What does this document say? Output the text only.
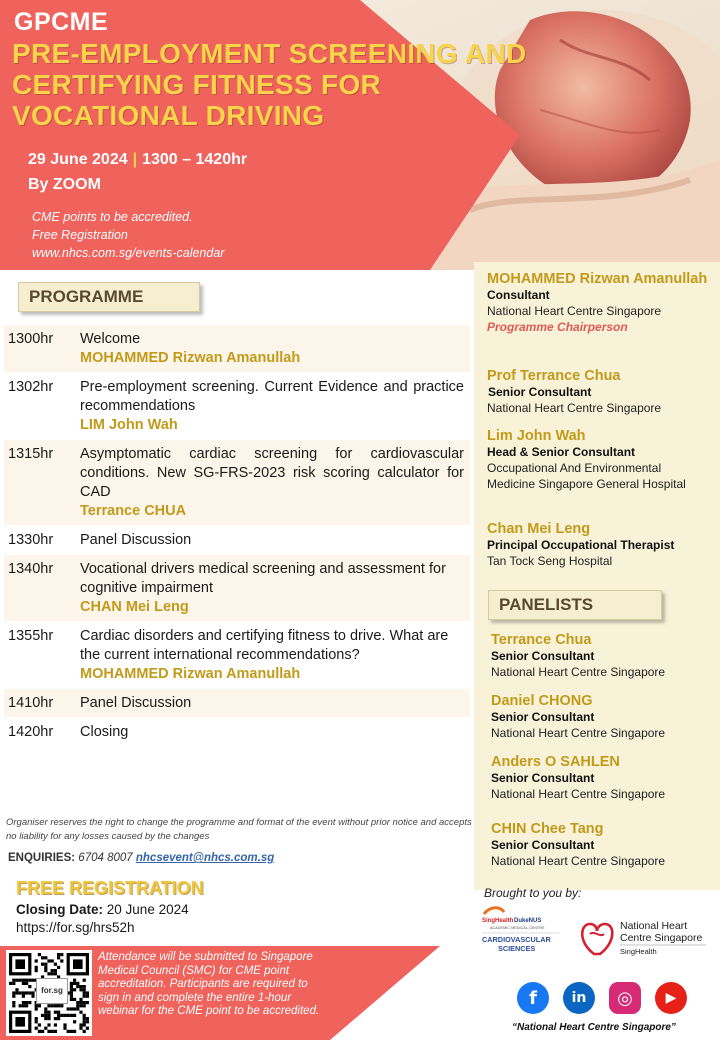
GPCME
PRE-EMPLOYMENT SCREENING AND
CERTIFYING FITNESS FOR
VOCATIONAL DRIVING
29 June 2024 | 1300 – 1420hr
By ZOOM
CME points to be accredited.
Free Registration
www.nhcs.com.sg/events-calendar
PROGRAMME
1300hr	Welcome
MOHAMMED Rizwan Amanullah
1302hr	Pre-employment screening. Current Evidence and practice recommendations
LIM John Wah
1315hr	Asymptomatic cardiac screening for cardiovascular conditions. New SG-FRS-2023 risk scoring calculator for CAD
Terrance CHUA
1330hr	Panel Discussion
1340hr	Vocational drivers medical screening and assessment for cognitive impairment
CHAN Mei Leng
1355hr	Cardiac disorders and certifying fitness to drive. What are the current international recommendations?
MOHAMMED Rizwan Amanullah
1410hr	Panel Discussion
1420hr	Closing
Organiser reserves the right to change the programme and format of the event without prior notice and accepts no liability for any losses caused by the changes
ENQUIRIES: 6704 8007 nhcsevent@nhcs.com.sg
FREE REGISTRATION
Closing Date: 20 June 2024
https://for.sg/hrs52h
for.sg
Attendance will be submitted to Singapore Medical Council (SMC) for CME point accreditation. Participants are required to sign in and complete the entire 1-hour webinar for the CME point to be accredited.
MOHAMMED Rizwan Amanullah
Consultant
National Heart Centre Singapore
Programme Chairperson
Prof Terrance Chua
Senior Consultant
National Heart Centre Singapore
Lim John Wah
Head & Senior Consultant
Occupational And Environmental Medicine Singapore General Hospital
Chan Mei Leng
Principal Occupational Therapist
Tan Tock Seng Hospital
PANELISTS
Terrance Chua
Senior Consultant
National Heart Centre Singapore
Daniel CHONG
Senior Consultant
National Heart Centre Singapore
Anders O SAHLEN
Senior Consultant
National Heart Centre Singapore
CHIN Chee Tang
Senior Consultant
National Heart Centre Singapore
Brought to you by:
SingHealth DukeNUS
ACADEMIC MEDICAL CENTRE
CARDIOVASCULAR
SCIENCES
National Heart
Centre Singapore
SingHealth
f	in	◎	▶
“National Heart Centre Singapore”
